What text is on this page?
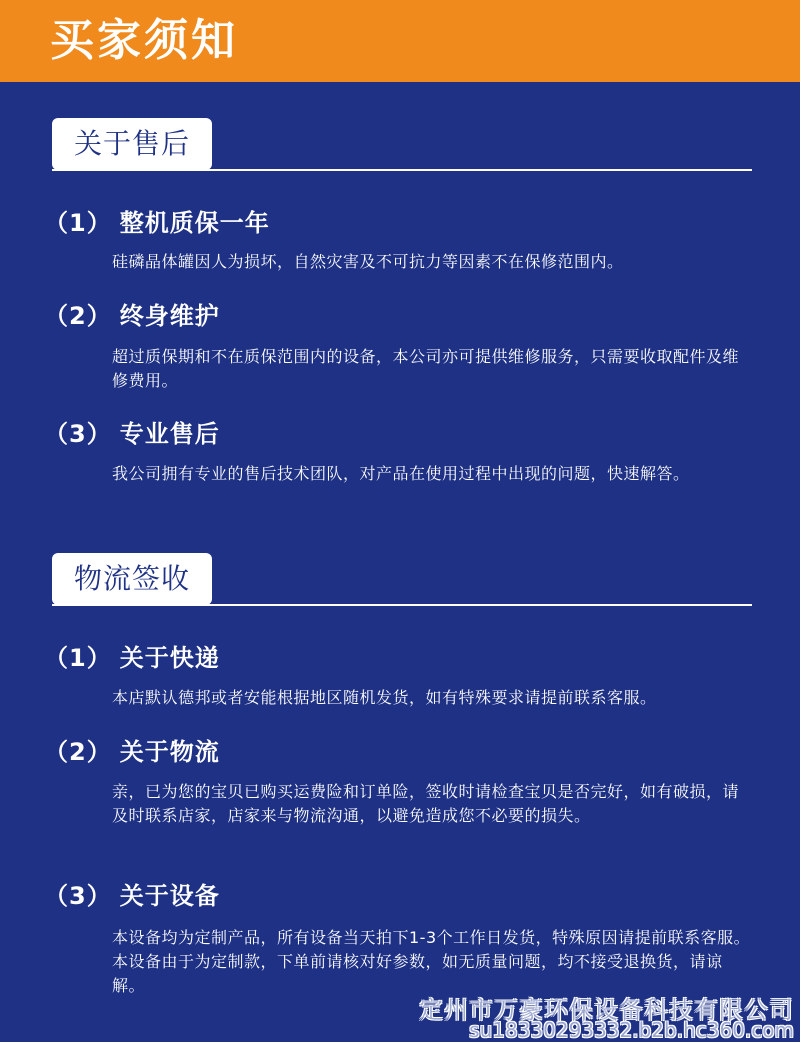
买家须知
关于售后
（1） 整机质保一年

硅磷晶体罐因人为损坏，自然灾害及不可抗力等因素不在保修范围内。

（2） 终身维护

超过质保期和不在质保范围内的设备，本公司亦可提供维修服务，只需要收取配件及维修费用。

（3） 专业售后

我公司拥有专业的售后技术团队，对产品在使用过程中出现的问题，快速解答。

物流签收
（1） 关于快递

本店默认德邦或者安能根据地区随机发货，如有特殊要求请提前联系客服。

（2） 关于物流

亲，已为您的宝贝已购买运费险和订单险，签收时请检查宝贝是否完好，如有破损，请及时联系店家，店家来与物流沟通，以避免造成您不必要的损失。

（3） 关于设备

本设备均为定制产品，所有设备当天拍下1-3个工作日发货，特殊原因请提前联系客服。

本设备由于为定制款，下单前请核对好参数，如无质量问题，均不接受退换货，请谅解。

定州市万豪环保设备科技有限公司
su18330293332.b2b.hc360.com
